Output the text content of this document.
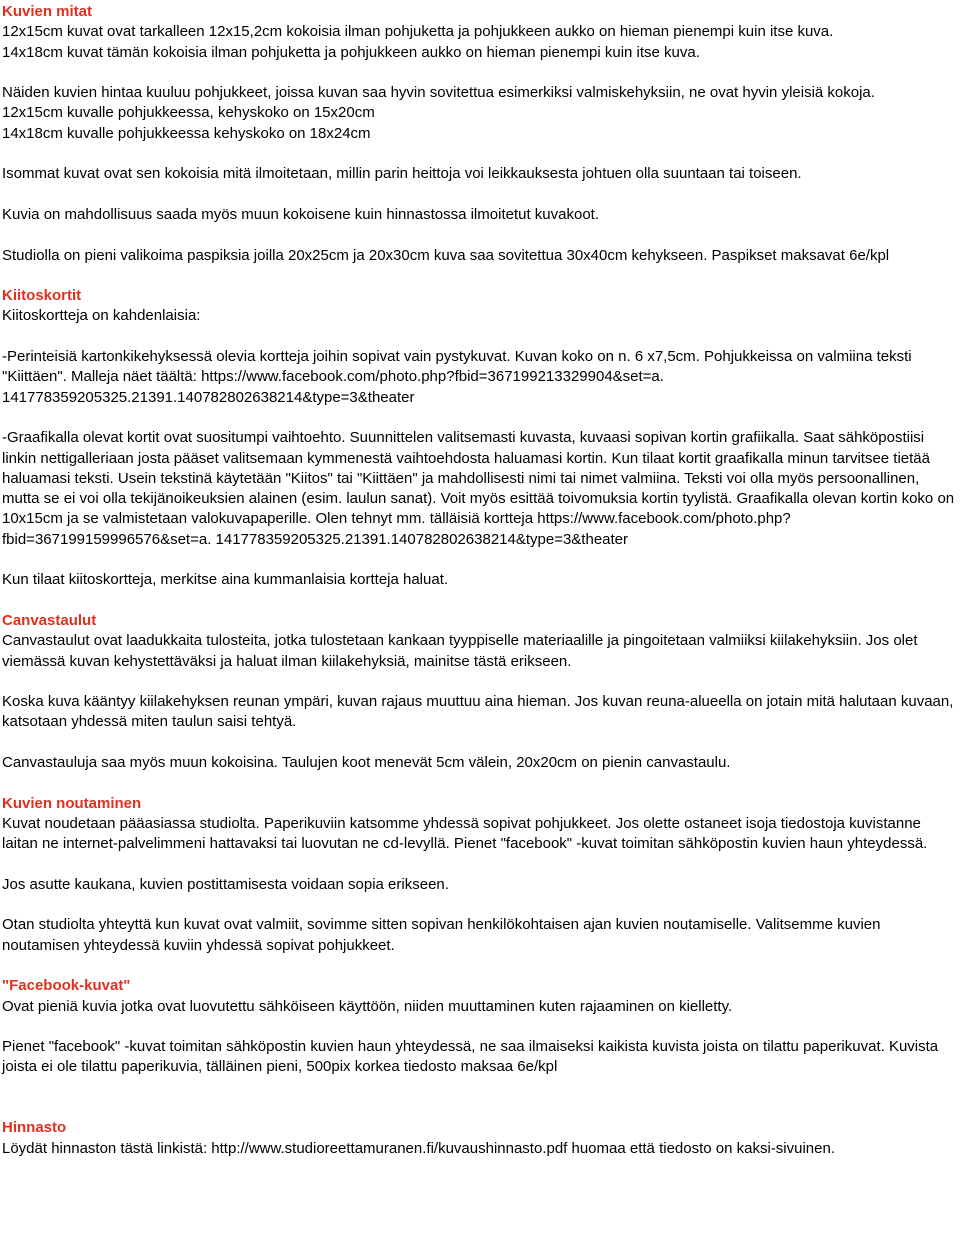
Kuvien mitat

12x15cm kuvat ovat tarkalleen 12x15,2cm kokoisia ilman pohjuketta ja pohjukkeen aukko on hieman pienempi kuin itse kuva.

14x18cm kuvat tämän kokoisia ilman pohjuketta ja pohjukkeen aukko on hieman pienempi kuin itse kuva.

Näiden kuvien hintaa kuuluu pohjukkeet, joissa kuvan saa hyvin sovitettua esimerkiksi valmiskehyksiin, ne ovat hyvin yleisiä kokoja.

12x15cm kuvalle pohjukkeessa, kehyskoko on 15x20cm

14x18cm kuvalle pohjukkeessa kehyskoko on 18x24cm

Isommat kuvat ovat sen kokoisia mitä ilmoitetaan, millin parin heittoja voi leikkauksesta johtuen olla suuntaan tai toiseen.

Kuvia on mahdollisuus saada myös muun kokoisene kuin hinnastossa ilmoitetut kuvakoot.

Studiolla on pieni valikoima paspiksia joilla 20x25cm ja 20x30cm kuva saa sovitettua 30x40cm kehykseen. Paspikset maksavat 6e/kpl

Kiitoskortit

Kiitoskortteja on kahdenlaisia:

-Perinteisiä kartonkikehyksessä olevia kortteja joihin sopivat vain pystykuvat. Kuvan koko on n. 6 x7,5cm. Pohjukkeissa on valmiina teksti "Kiittäen". Malleja näet täältä: https://www.facebook.com/photo.php?fbid=367199213329904&set=a. 141778359205325.21391.140782802638214&type=3&theater

-Graafikalla olevat kortit ovat suositumpi vaihtoehto. Suunnittelen valitsemasti kuvasta, kuvaasi sopivan kortin grafiikalla. Saat sähköpostiisi linkin nettigalleriaan josta pääset valitsemaan kymmenestä vaihtoehdosta haluamasi kortin. Kun tilaat kortit graafikalla minun tarvitsee tietää haluamasi teksti. Usein tekstinä käytetään "Kiitos" tai "Kiittäen" ja mahdollisesti nimi tai nimet valmiina. Teksti voi olla myös persoonallinen, mutta se ei voi olla tekijänoikeuksien alainen (esim. laulun sanat). Voit myös esittää toivomuksia kortin tyylistä. Graafikalla olevan kortin koko on 10x15cm ja se valmistetaan valokuvapaperille. Olen tehnyt mm. tälläisiä kortteja https://www.facebook.com/photo.php?fbid=367199159996576&set=a. 141778359205325.21391.140782802638214&type=3&theater

Kun tilaat kiitoskortteja, merkitse aina kummanlaisia kortteja haluat.

Canvastaulut

Canvastaulut ovat laadukkaita tulosteita, jotka tulostetaan kankaan tyyppiselle materiaalille ja pingoitetaan valmiiksi kiilakehyksiin. Jos olet viemässä kuvan kehystettäväksi ja haluat ilman kiilakehyksiä, mainitse tästä erikseen.

Koska kuva kääntyy kiilakehyksen reunan ympäri, kuvan rajaus muuttuu aina hieman. Jos kuvan reuna-alueella on jotain mitä halutaan kuvaan, katsotaan yhdessä miten taulun saisi tehtyä.

Canvastauluja saa myös muun kokoisina. Taulujen koot menevät 5cm välein, 20x20cm on pienin canvastaulu.

Kuvien noutaminen

Kuvat noudetaan pääasiassa studiolta. Paperikuviin katsomme yhdessä sopivat pohjukkeet. Jos olette ostaneet isoja tiedostoja kuvistanne laitan ne internet-palvelimmeni hattavaksi tai luovutan ne cd-levyllä. Pienet "facebook" -kuvat toimitan sähköpostin kuvien haun yhteydessä.

Jos asutte kaukana, kuvien postittamisesta voidaan sopia erikseen.

Otan studiolta yhteyttä kun kuvat ovat valmiit, sovimme sitten sopivan henkilökohtaisen ajan kuvien noutamiselle. Valitsemme kuvien noutamisen yhteydessä kuviin yhdessä sopivat pohjukkeet.

"Facebook-kuvat"

Ovat pieniä kuvia jotka ovat luovutettu sähköiseen käyttöön, niiden muuttaminen kuten rajaaminen on kielletty.

Pienet "facebook" -kuvat toimitan sähköpostin kuvien haun yhteydessä, ne saa ilmaiseksi kaikista kuvista joista on tilattu paperikuvat. Kuvista joista ei ole tilattu paperikuvia, tälläinen pieni, 500pix korkea tiedosto maksaa 6e/kpl

Hinnasto

Löydät hinnaston tästä linkistä: http://www.studioreettamuranen.fi/kuvaushinnasto.pdf huomaa että tiedosto on kaksi-sivuinen.
